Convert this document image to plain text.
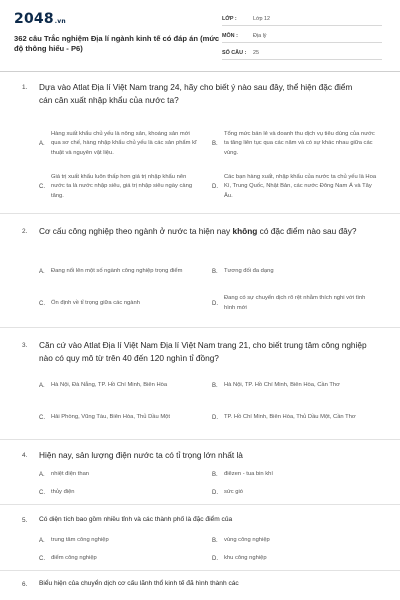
2048.vn
362 câu Trắc nghiệm Địa lí ngành kinh tế có đáp án (mức độ thông hiểu - P6)
LỚP :	Lớp 12
MÔN :	Địa lý
SỐ CÂU :	25
1. Dựa vào Atlat Địa lí Việt Nam trang 24, hãy cho biết ý nào sau đây, thể hiện đặc điểm cán cân xuất nhập khẩu của nước ta?
A.
Hàng xuất khẩu chủ yếu là nông sản, khoáng sản mới qua sơ chế, hàng nhập khẩu chủ yếu là các sản phẩm kĩ thuật và nguyên vật liệu.
B.
Tổng mức bán lẻ và doanh thu dịch vụ tiêu dùng của nước ta tăng liên tục qua các năm và có sự khác nhau giữa các vùng.
C.
Giá trị xuất khẩu luôn thấp hơn giá trị nhập khẩu nên nước ta là nước nhập siêu, giá trị nhập siêu ngày càng tăng.
D.
Các bạn hàng xuất, nhập khẩu của nước ta chủ yếu là Hoa Kì, Trung Quốc, Nhật Bản, các nước Đông Nam Á và Tây Âu.
2. Cơ cấu công nghiệp theo ngành ở nước ta hiện nay không có đặc điểm nào sau đây?
A.	Đang nổi lên một số ngành công nghiệp trọng điểm	B.	Tương đối đa dạng
C.	Ổn định về tỉ trọng giữa các ngành	D.
Đang có sự chuyển dịch rõ rệt nhằm thích nghi với tình hình mới
3. Căn cứ vào Atlat Địa lí Việt Nam Địa lí Việt Nam trang 21, cho biết trung tâm công nghiệp nào có quy mô từ trên 40 đến 120 nghìn tỉ đồng?
A.	Hà Nội, Đà Nẵng, TP. Hồ Chí Minh, Biên Hòa	B.	Hà Nội, TP. Hồ Chí Minh, Biên Hòa, Cần Thơ
C.	Hải Phòng, Vũng Tàu, Biên Hòa, Thủ Dầu Một	D.	TP. Hồ Chí Minh, Biên Hòa, Thủ Dầu Một, Cần Thơ
4. Hiện nay, sản lượng điện nước ta có tỉ trọng lớn nhất là
A.	nhiệt điện than	B.	điêzen - tua bin khí
C.	thủy điện	D.	sức gió
5. Có diện tích bao gồm nhiều tỉnh và các thành phố là đặc điểm của
A.	trung tâm công nghiệp	B.	vùng công nghiệp
C.	điểm công nghiệp	D.	khu công nghiệp
6. Biểu hiện của chuyển dịch cơ cấu lãnh thổ kinh tế đã hình thành các
